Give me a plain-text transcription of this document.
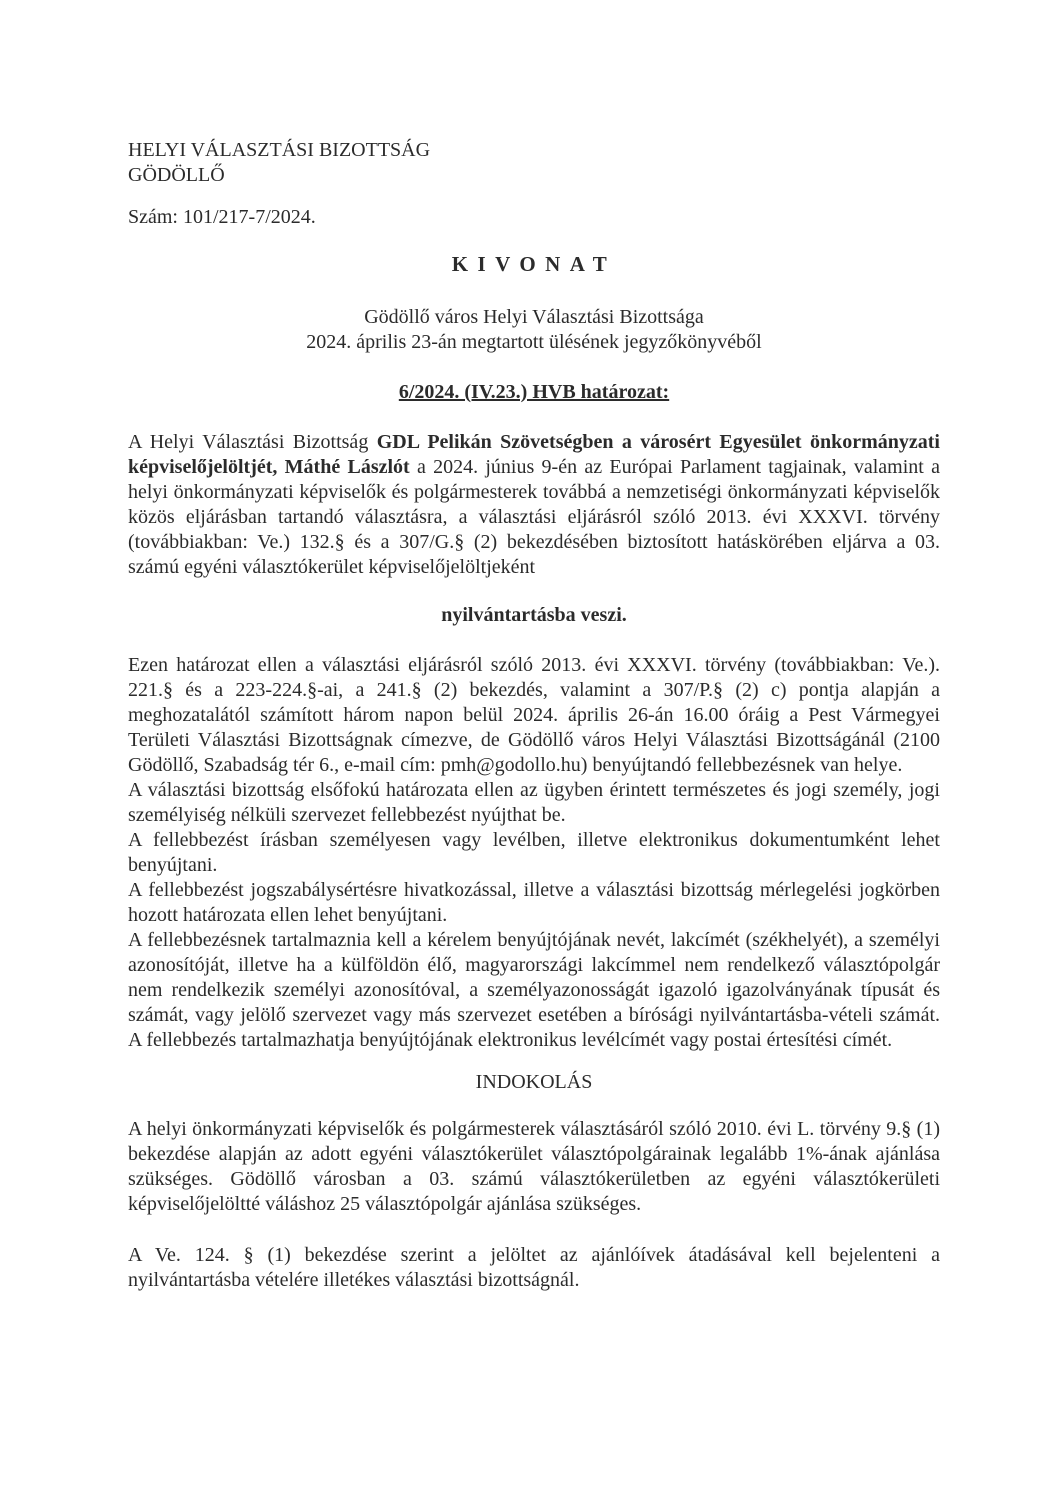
HELYI VÁLASZTÁSI BIZOTTSÁG

GÖDÖLLŐ

Szám: 101/217-7/2024.

KIVONAT

Gödöllő város Helyi Választási Bizottsága

2024. április 23-án megtartott ülésének jegyzőkönyvéből

6/2024. (IV.23.) HVB határozat:

A Helyi Választási Bizottság GDL Pelikán Szövetségben a városért Egyesület önkormányzati képviselőjelöltjét, Máthé Lászlót a 2024. június 9-én az Európai Parlament tagjainak, valamint a helyi önkormányzati képviselők és polgármesterek továbbá a nemzetiségi önkormányzati képviselők közös eljárásban tartandó választásra, a választási eljárásról szóló 2013. évi XXXVI. törvény (továbbiakban: Ve.) 132.§ és a 307/G.§ (2) bekezdésében biztosított hatáskörében eljárva a 03. számú egyéni választókerület képviselőjelöltjeként

nyilvántartásba veszi.

Ezen határozat ellen a választási eljárásról szóló 2013. évi XXXVI. törvény (továbbiakban: Ve.). 221.§ és a 223-224.§-ai, a 241.§ (2) bekezdés, valamint a 307/P.§ (2) c) pontja alapján a meghozatalától számított három napon belül 2024. április 26-án 16.00 óráig a Pest Vármegyei Területi Választási Bizottságnak címezve, de Gödöllő város Helyi Választási Bizottságánál (2100 Gödöllő, Szabadság tér 6., e-mail cím: pmh@godollo.hu) benyújtandó fellebbezésnek van helye.

A választási bizottság elsőfokú határozata ellen az ügyben érintett természetes és jogi személy, jogi személyiség nélküli szervezet fellebbezést nyújthat be.

A fellebbezést írásban személyesen vagy levélben, illetve elektronikus dokumentumként lehet benyújtani.

A fellebbezést jogszabálysértésre hivatkozással, illetve a választási bizottság mérlegelési jogkörben hozott határozata ellen lehet benyújtani.

A fellebbezésnek tartalmaznia kell a kérelem benyújtójának nevét, lakcímét (székhelyét), a személyi azonosítóját, illetve ha a külföldön élő, magyarországi lakcímmel nem rendelkező választópolgár nem rendelkezik személyi azonosítóval, a személyazonosságát igazoló igazolványának típusát és számát, vagy jelölő szervezet vagy más szervezet esetében a bírósági nyilvántartásba-vételi számát. A fellebbezés tartalmazhatja benyújtójának elektronikus levélcímét vagy postai értesítési címét.

INDOKOLÁS

A helyi önkormányzati képviselők és polgármesterek választásáról szóló 2010. évi L. törvény 9.§ (1) bekezdése alapján az adott egyéni választókerület választópolgárainak legalább 1%-ának ajánlása szükséges. Gödöllő városban a 03. számú választókerületben az egyéni választókerületi képviselőjelöltté váláshoz 25 választópolgár ajánlása szükséges.

A Ve. 124. § (1) bekezdése szerint a jelöltet az ajánlóívek átadásával kell bejelenteni a nyilvántartásba vételére illetékes választási bizottságnál.
